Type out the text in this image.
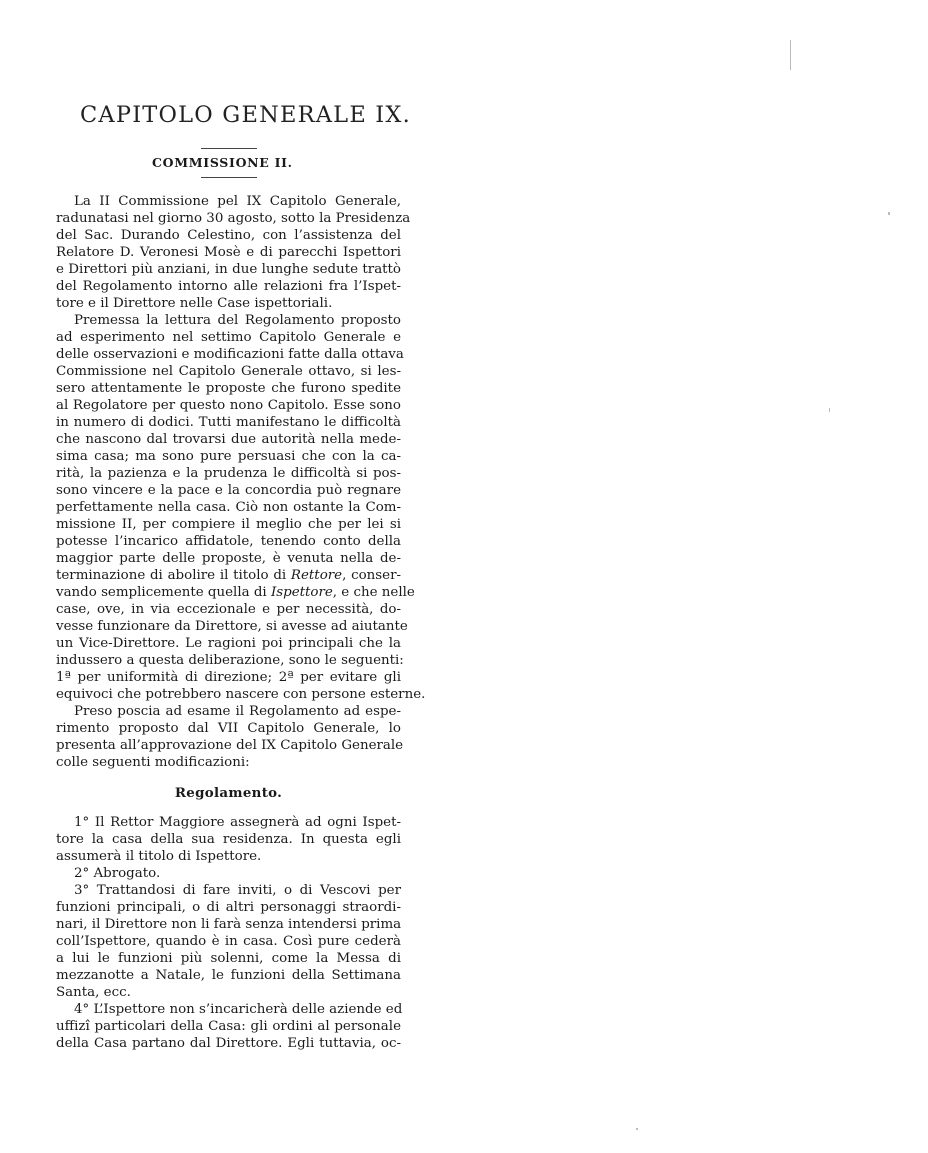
CAPITOLO GENERALE IX.
COMMISSIONE II.
La II Commissione pel IX Capitolo Generale,
radunatasi nel giorno 30 agosto, sotto la Presidenza
del Sac. Durando Celestino, con l’assistenza del
Relatore D. Veronesi Mosè e di parecchi Ispettori
e Direttori più anziani, in due lunghe sedute trattò
del Regolamento intorno alle relazioni fra l’Ispet-
tore e il Direttore nelle Case ispettoriali.
Premessa la lettura del Regolamento proposto
ad esperimento nel settimo Capitolo Generale e
delle osservazioni e modificazioni fatte dalla ottava
Commissione nel Capitolo Generale ottavo, si les-
sero attentamente le proposte che furono spedite
al Regolatore per questo nono Capitolo. Esse sono
in numero di dodici. Tutti manifestano le difficoltà
che nascono dal trovarsi due autorità nella mede-
sima casa; ma sono pure persuasi che con la ca-
rità, la pazienza e la prudenza le difficoltà si pos-
sono vincere e la pace e la concordia può regnare
perfettamente nella casa. Ciò non ostante la Com-
missione II, per compiere il meglio che per lei si
potesse l’incarico affidatole, tenendo conto della
maggior parte delle proposte, è venuta nella de-
terminazione di abolire il titolo di Rettore, conser-
vando semplicemente quella di Ispettore, e che nelle
case, ove, in via eccezionale e per necessità, do-
vesse funzionare da Direttore, si avesse ad aiutante
un Vice-Direttore. Le ragioni poi principali che la
indussero a questa deliberazione, sono le seguenti:
1ª per uniformità di direzione; 2ª per evitare gli
equivoci che potrebbero nascere con persone esterne.
Preso poscia ad esame il Regolamento ad espe-
rimento proposto dal VII Capitolo Generale, lo
presenta all’approvazione del IX Capitolo Generale
colle seguenti modificazioni:
Regolamento.
1° Il Rettor Maggiore assegnerà ad ogni Ispet-
tore la casa della sua residenza. In questa egli
assumerà il titolo di Ispettore.
2° Abrogato.
3° Trattandosi di fare inviti, o di Vescovi per
funzioni principali, o di altri personaggi straordi-
nari, il Direttore non li farà senza intendersi prima
coll’Ispettore, quando è in casa. Così pure cederà
a lui le funzioni più solenni, come la Messa di
mezzanotte a Natale, le funzioni della Settimana
Santa, ecc.
4° L’Ispettore non s’incaricherà delle aziende ed
uffizî particolari della Casa: gli ordini al personale
della Casa partano dal Direttore. Egli tuttavia, oc-
